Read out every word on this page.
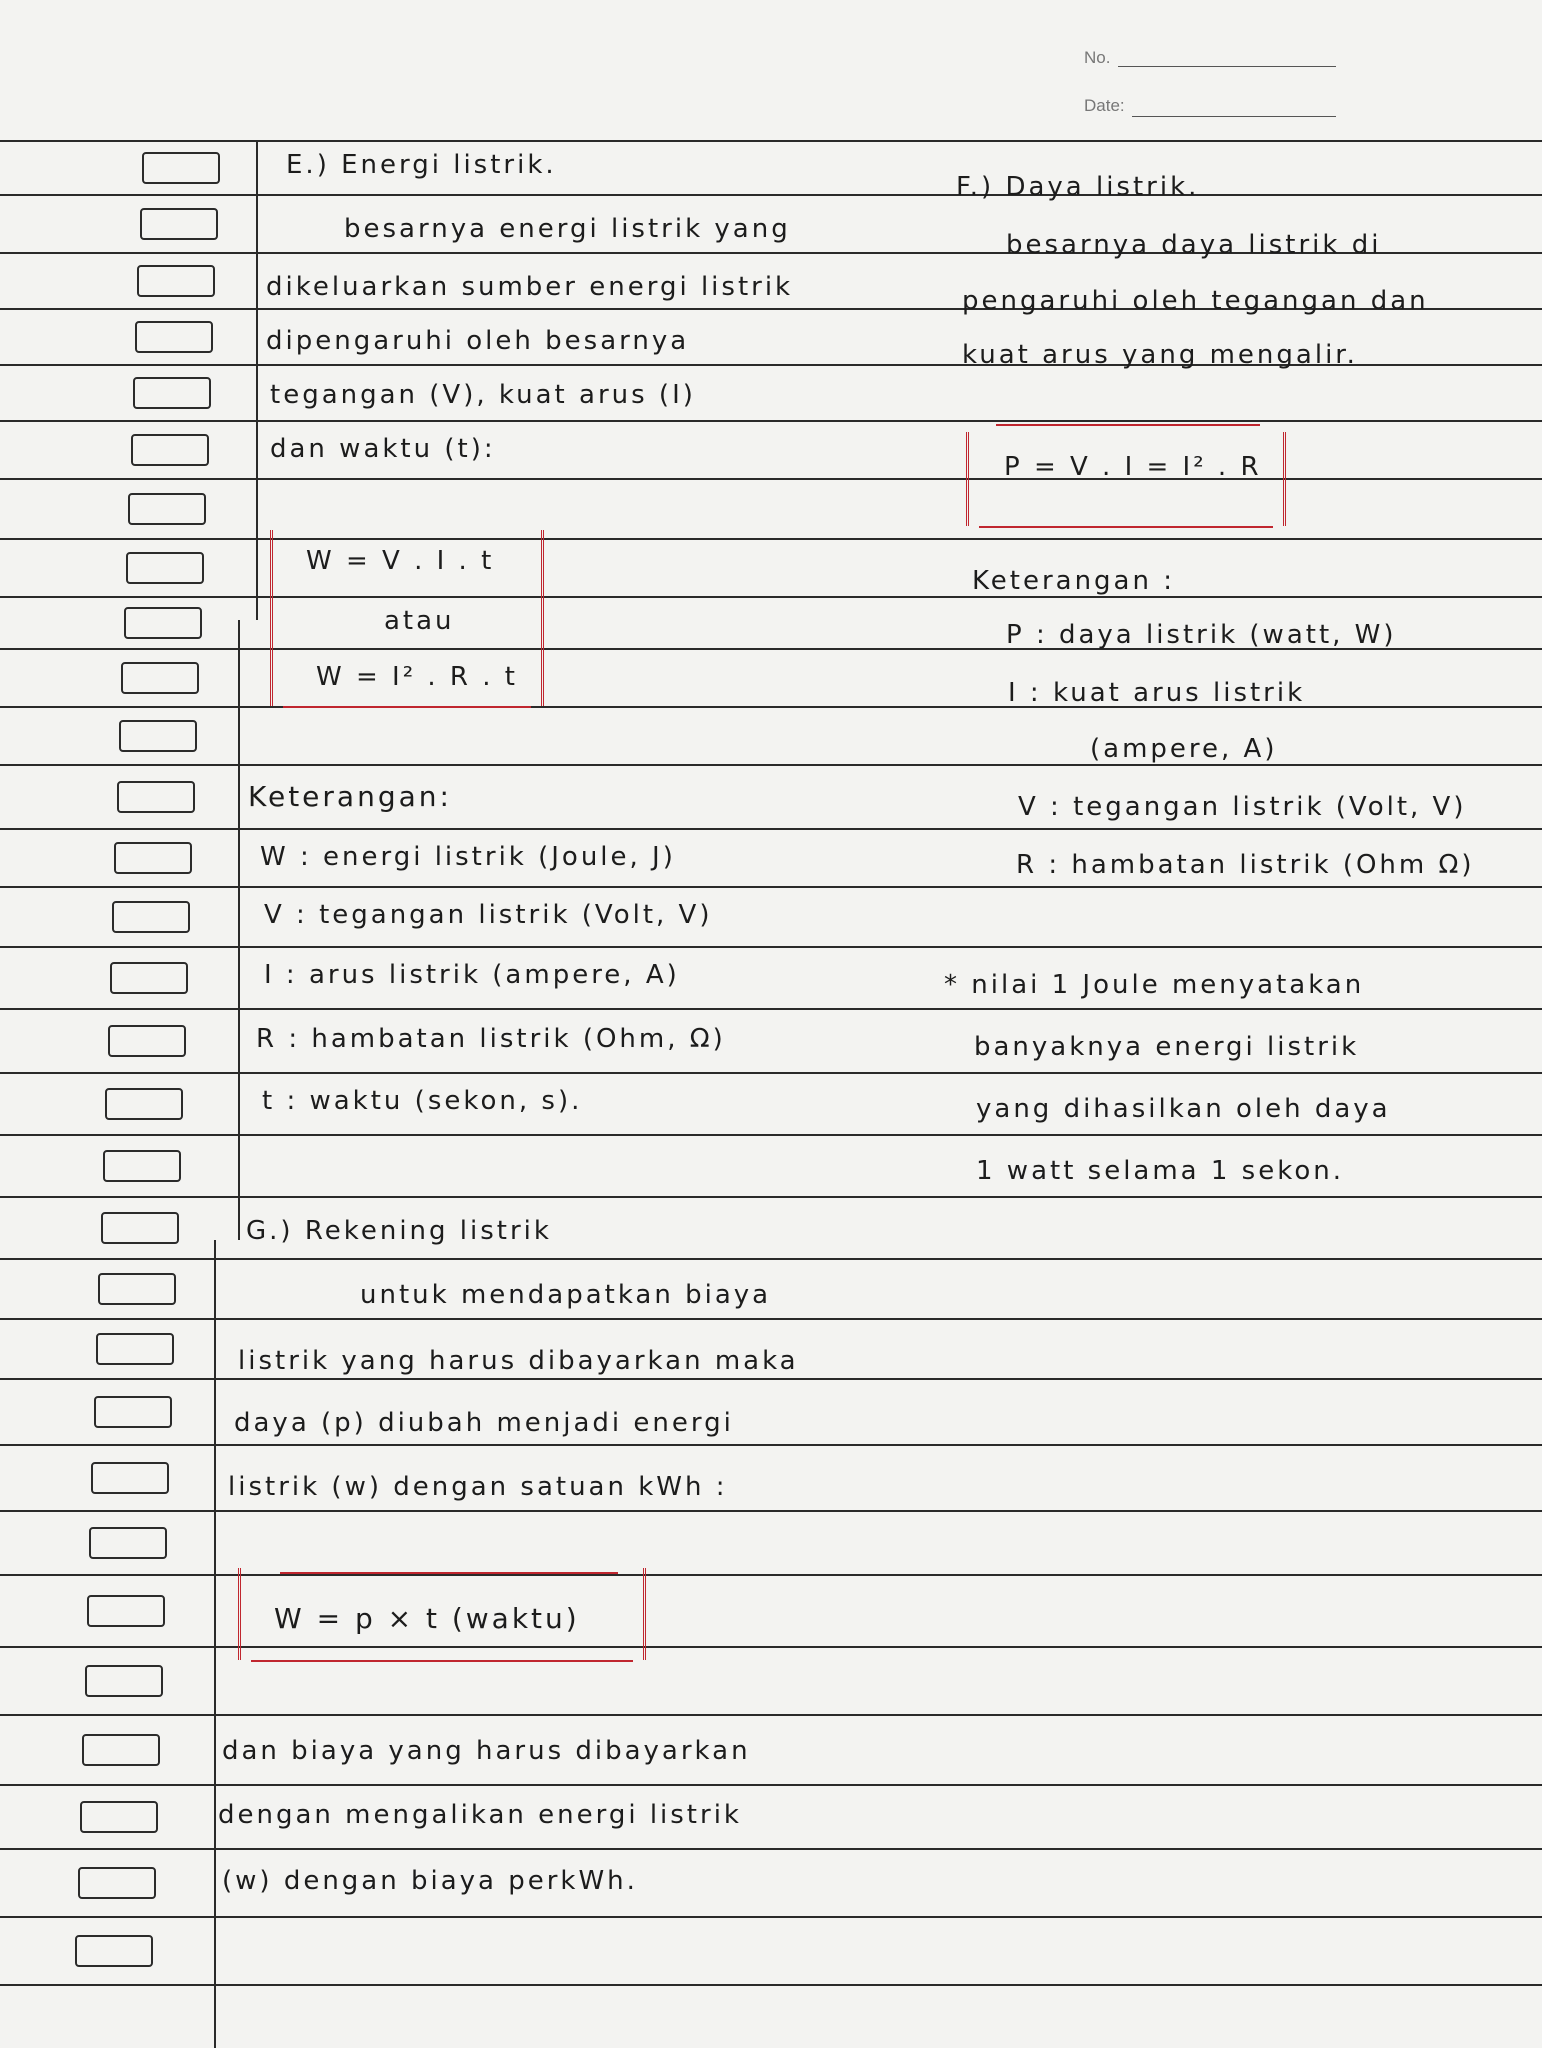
No.
Date:
E.) Energi listrik.
besarnya energi listrik yang
dikeluarkan sumber energi listrik
dipengaruhi oleh besarnya
tegangan (V), kuat arus (I)
dan waktu (t):
W = V . I . t
atau
W = I² . R . t
Keterangan:
W : energi listrik (Joule, J)
V : tegangan listrik (Volt, V)
I : arus listrik (ampere, A)
R : hambatan listrik (Ohm, Ω)
t : waktu (sekon, s).
G.) Rekening listrik
untuk mendapatkan biaya
listrik yang harus dibayarkan maka
daya (p) diubah menjadi energi
listrik (w) dengan satuan kWh :
W = p × t (waktu)
dan biaya yang harus dibayarkan
dengan mengalikan energi listrik
(w) dengan biaya perkWh.
F.) Daya listrik.
besarnya daya listrik di
pengaruhi oleh tegangan dan
kuat arus yang mengalir.
P = V . I = I² . R
Keterangan :
P : daya listrik (watt, W)
I : kuat arus listrik
(ampere, A)
V : tegangan listrik (Volt, V)
R : hambatan listrik (Ohm Ω)
* nilai 1 Joule menyatakan
banyaknya energi listrik
yang dihasilkan oleh daya
1 watt selama 1 sekon.
